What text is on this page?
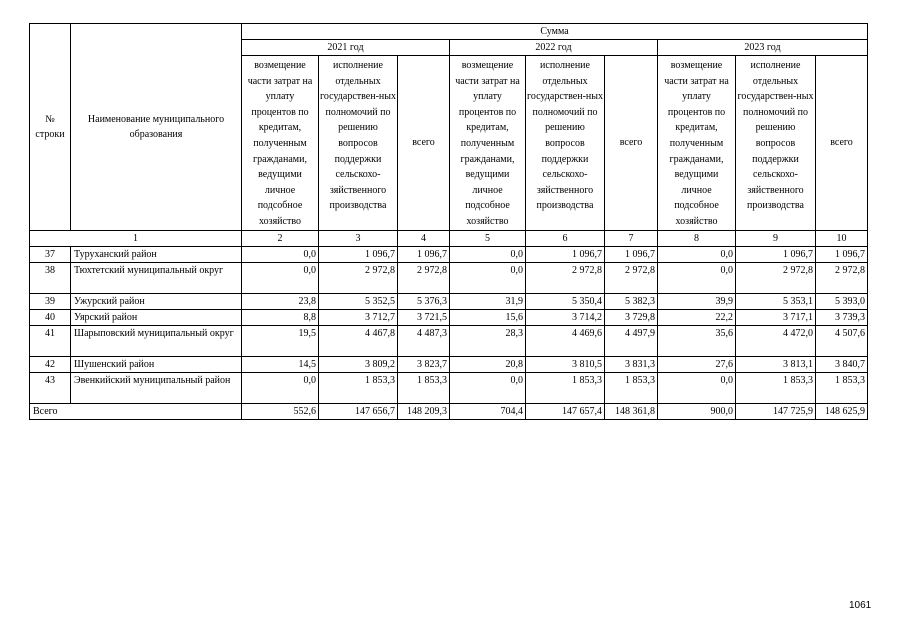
№ строки	Наименование муниципального образования	Сумма								
		2021 год			2022 год			2023 год		
		возмещение части затрат на уплату процентов по кредитам, полученным гражданами, ведущими личное подсобное хозяйство	исполнение отдельных государствен-ных полномочий по решению вопросов поддержки сельскохо-зяйственного производства	всего	возмещение части затрат на уплату процентов по кредитам, полученным гражданами, ведущими личное подсобное хозяйство	исполнение отдельных государствен-ных полномочий по решению вопросов поддержки сельскохо-зяйственного производства	всего	возмещение части затрат на уплату процентов по кредитам, полученным гражданами, ведущими личное подсобное хозяйство	исполнение отдельных государствен-ных полномочий по решению вопросов поддержки сельскохо-зяйственного производства	всего
1		2	3	4	5	6	7	8	9	10
37	Туруханский район	0,0	1 096,7	1 096,7	0,0	1 096,7	1 096,7	0,0	1 096,7	1 096,7
38	Тюхтетский муниципальный округ	0,0	2 972,8	2 972,8	0,0	2 972,8	2 972,8	0,0	2 972,8	2 972,8
39	Ужурский район	23,8	5 352,5	5 376,3	31,9	5 350,4	5 382,3	39,9	5 353,1	5 393,0
40	Уярский район	8,8	3 712,7	3 721,5	15,6	3 714,2	3 729,8	22,2	3 717,1	3 739,3
41	Шарыповский муниципальный округ	19,5	4 467,8	4 487,3	28,3	4 469,6	4 497,9	35,6	4 472,0	4 507,6
42	Шушенский район	14,5	3 809,2	3 823,7	20,8	3 810,5	3 831,3	27,6	3 813,1	3 840,7
43	Эвенкийский муниципальный район	0,0	1 853,3	1 853,3	0,0	1 853,3	1 853,3	0,0	1 853,3	1 853,3
Всего		552,6	147 656,7	148 209,3	704,4	147 657,4	148 361,8	900,0	147 725,9	148 625,9
1061
